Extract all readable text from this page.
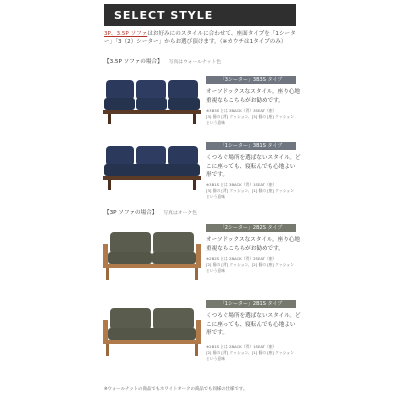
SELECT STYLE
3P、3.5P ソファはお好みにのスタイルに合わせて、座面タイプを「1シーター」「3（2）シーター」からお選び頂けます。（※カウチは1タイプのみ）
【3.5P ソファの場合】 写真はウォールナット色
「3シーター」3B3S タイプ
オーソドックスなスタイル。座り心地
重視ならこちらがお勧めです。
※3B3S とは 3BACK（背）3SEAT（座）
[3] 個の [背] クッション、[3] 個の [座] クッション
という意味
「1シーター」3B1S タイプ
くつろぐ場所を選ばないスタイル。ど
こに座っても、寝転んでも心地よい
形です。
※3B1S とは 3BACK（背）1SEAT（座）
[3] 個の [背] クッション、[1] 個の [座] クッション
という意味
【3P ソファの場合】 写真はオーク色
「2シーター」2B2S タイプ
オーソドックスなスタイル。座り心地
重視ならこちらがお勧めです。
※2B2S とは 2BACK（背）2SEAT（座）
[2] 個の [背] クッション、[2] 個の [座] クッション
という意味
「1シーター」2B1S タイプ
くつろぐ場所を選ばないスタイル。ど
こに座っても、寝転んでも心地よい
形です。
※2B1S とは 2BACK（背）1SEAT（座）
[2] 個の [背] クッション、[1] 個の [座] クッション
という意味
※ウォールナットの商品でもホワイトオークの商品でも同様の仕様です。
